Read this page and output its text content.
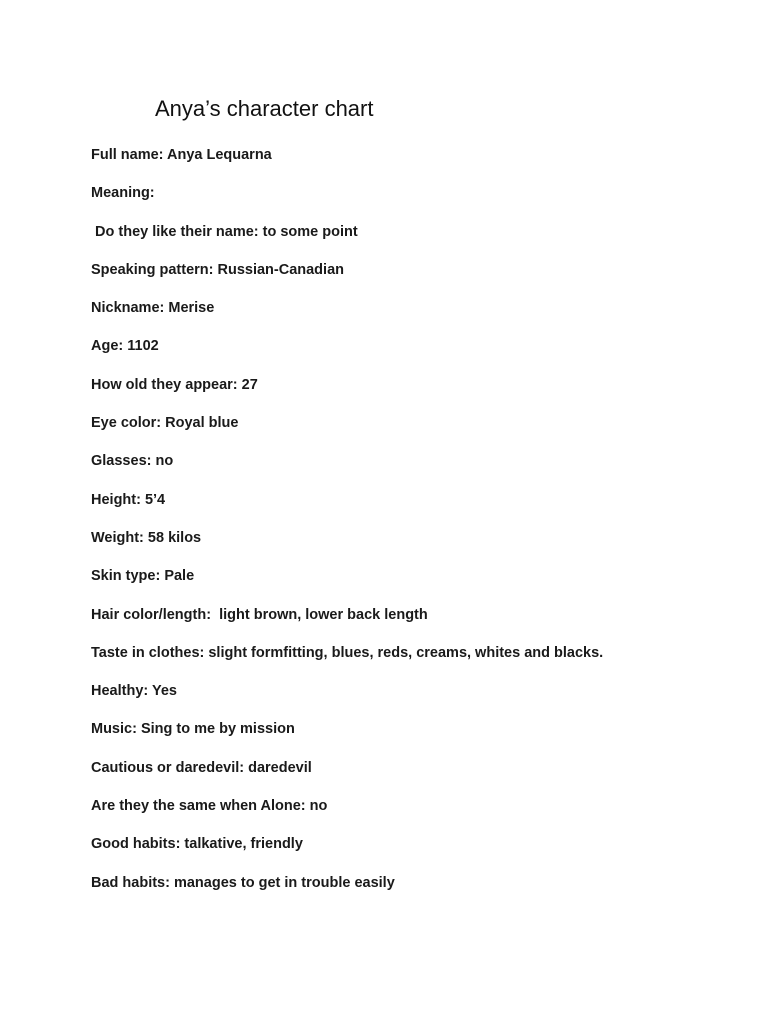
Anya’s character chart
Full name: Anya Lequarna
Meaning:
Do they like their name: to some point
Speaking pattern: Russian-Canadian
Nickname: Merise
Age: 1102
How old they appear: 27
Eye color: Royal blue
Glasses: no
Height: 5’4
Weight: 58 kilos
Skin type: Pale
Hair color/length:  light brown, lower back length
Taste in clothes: slight formfitting, blues, reds, creams, whites and blacks.
Healthy: Yes
Music: Sing to me by mission
Cautious or daredevil: daredevil
Are they the same when Alone: no
Good habits: talkative, friendly
Bad habits: manages to get in trouble easily
